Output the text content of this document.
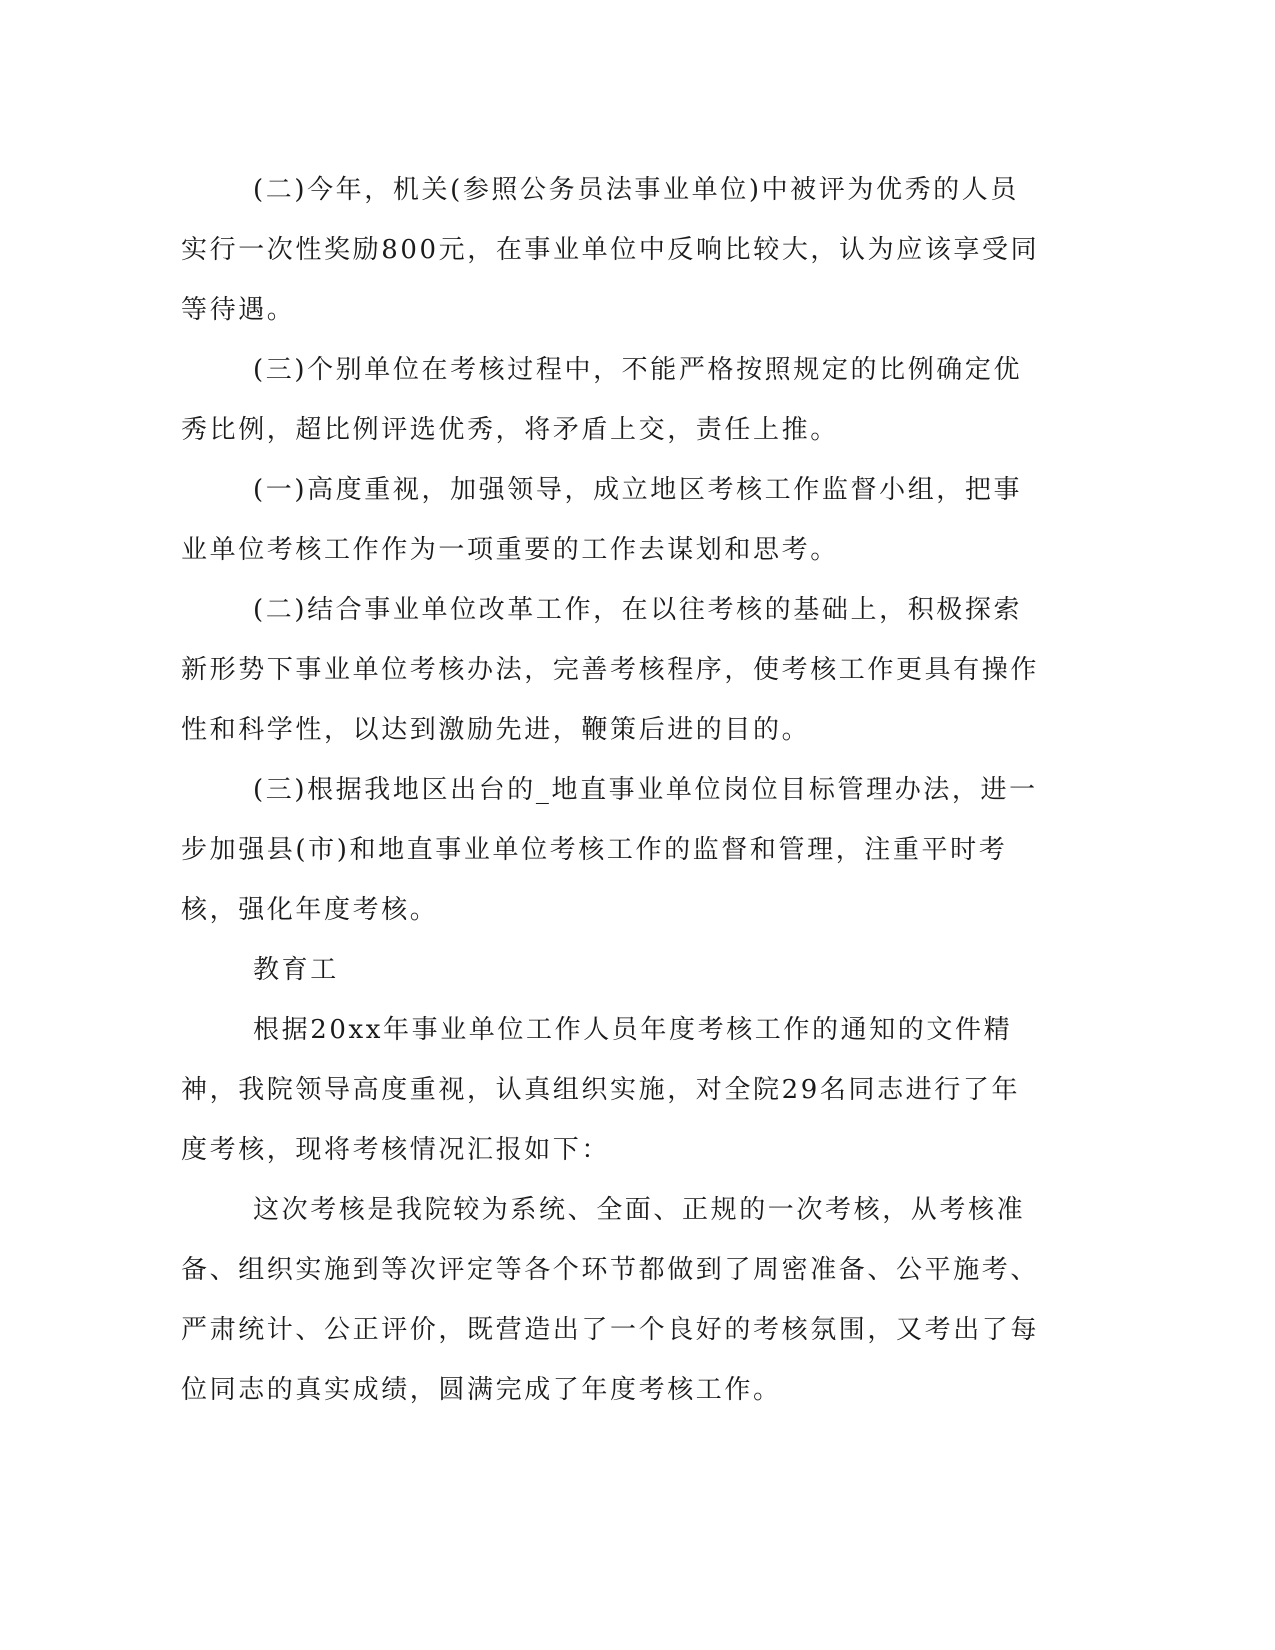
(二)今年，机关(参照公务员法事业单位)中被评为优秀的人员实行一次性奖励800元，在事业单位中反响比较大，认为应该享受同等待遇。

(三)个别单位在考核过程中，不能严格按照规定的比例确定优秀比例，超比例评选优秀，将矛盾上交，责任上推。

(一)高度重视，加强领导，成立地区考核工作监督小组，把事业单位考核工作作为一项重要的工作去谋划和思考。

(二)结合事业单位改革工作，在以往考核的基础上，积极探索新形势下事业单位考核办法，完善考核程序，使考核工作更具有操作性和科学性，以达到激励先进，鞭策后进的目的。

(三)根据我地区出台的_地直事业单位岗位目标管理办法，进一步加强县(市)和地直事业单位考核工作的监督和管理，注重平时考核，强化年度考核。

教育工

根据20xx年事业单位工作人员年度考核工作的通知的文件精神，我院领导高度重视，认真组织实施，对全院29名同志进行了年度考核，现将考核情况汇报如下：

这次考核是我院较为系统、全面、正规的一次考核，从考核准备、组织实施到等次评定等各个环节都做到了周密准备、公平施考、严肃统计、公正评价，既营造出了一个良好的考核氛围，又考出了每位同志的真实成绩，圆满完成了年度考核工作。
